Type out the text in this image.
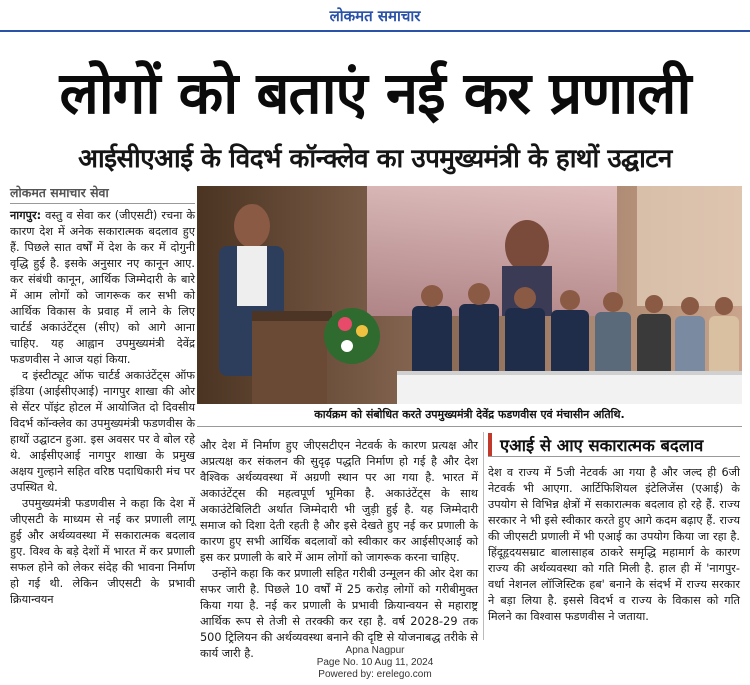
लोकमत समाचार
लोगों को बताएं नई कर प्रणाली
आईसीएआई के विदर्भ कॉन्क्लेव का उपमुख्यमंत्री के हाथों उद्घाटन
लोकमत समाचार सेवा

नागपुर: वस्तु व सेवा कर (जीएसटी) रचना के कारण देश में अनेक सकारात्मक बदलाव हुए हैं. पिछले सात वर्षों में देश के कर में दोगुनी वृद्धि हुई है. इसके अनुसार नए कानून आए. कर संबंधी कानून, आर्थिक जिम्मेदारी के बारे में आम लोगों को जागरूक कर सभी को आर्थिक विकास के प्रवाह में लाने के लिए चार्टर्ड अकाउंटेंट्स (सीए) को आगे आना चाहिए. यह आह्वान उपमुख्यमंत्री देवेंद्र फडणवीस ने आज यहां किया.

द इंस्टीट्यूट ऑफ चार्टर्ड अकाउंटेंट्स ऑफ इंडिया (आईसीएआई) नागपुर शाखा की ओर से सेंटर पॉइंट होटल में आयोजित दो दिवसीय विदर्भ कॉन्क्लेव का उपमुख्यमंत्री फडणवीस के हाथों उद्घाटन हुआ. इस अवसर पर वे बोल रहे थे. आईसीएआई नागपुर शाखा के प्रमुख अक्षय गुल्हाने सहित वरिष्ठ पदाधिकारी मंच पर उपस्थित थे.

उपमुख्यमंत्री फडणवीस ने कहा कि देश में जीएसटी के माध्यम से नई कर प्रणाली लागू हुई और अर्थव्यवस्था में सकारात्मक बदलाव हुए. विश्व के बड़े देशों में भारत में कर प्रणाली सफल होने को लेकर संदेह की भावना निर्माण हो गई थी. लेकिन जीएसटी के प्रभावी क्रियान्वयन

कार्यक्रम को संबोधित करते उपमुख्यमंत्री देवेंद्र फडणवीस एवं मंचासीन अतिथि.

और देश में निर्माण हुए जीएसटीएन नेटवर्क के कारण प्रत्यक्ष और अप्रत्यक्ष कर संकलन की सुदृढ़ पद्धति निर्माण हो गई है और देश वैश्विक अर्थव्यवस्था में अग्रणी स्थान पर आ गया है. भारत में अकाउंटेंट्स की महत्वपूर्ण भूमिका है. अकाउंटेंट्स के साथ अकाउंटेबिलिटी अर्थात जिम्मेदारी भी जुड़ी हुई है. यह जिम्मेदारी समाज को दिशा देती रहती है और इसे देखते हुए नई कर प्रणाली के कारण हुए सभी आर्थिक बदलावों को स्वीकार कर आईसीएआई को इस कर प्रणाली के बारे में आम लोगों को जागरूक करना चाहिए.

उन्होंने कहा कि कर प्रणाली सहित गरीबी उन्मूलन की ओर देश का सफर जारी है. पिछले 10 वर्षों में 25 करोड़ लोगों को गरीबीमुक्त किया गया है. नई कर प्रणाली के प्रभावी क्रियान्वयन से महाराष्ट्र आर्थिक रूप से तेजी से तरक्की कर रहा है. वर्ष 2028-29 तक 500 ट्रिलियन की अर्थव्यवस्था बनाने की दृष्टि से योजनाबद्ध तरीके से कार्य जारी है.

एआई से आए सकारात्मक बदलाव

देश व राज्य में 5जी नेटवर्क आ गया है और जल्द ही 6जी नेटवर्क भी आएगा. आर्टिफिशियल इंटेलिजेंस (एआई) के उपयोग से विभिन्न क्षेत्रों में सकारात्मक बदलाव हो रहे हैं. राज्य सरकार ने भी इसे स्वीकार करते हुए आगे कदम बढ़ाए हैं. राज्य की जीएसटी प्रणाली में भी एआई का उपयोग किया जा रहा है. हिंदूहृदयसम्राट बालासाहब ठाकरे समृद्धि महामार्ग के कारण राज्य की अर्थव्यवस्था को गति मिली है. हाल ही में 'नागपुर-वर्धा नेशनल लॉजिस्टिक हब' बनाने के संदर्भ में राज्य सरकार ने बड़ा लिया है. इससे विदर्भ व राज्य के विकास को गति मिलने का विश्वास फडणवीस ने जताया.

Apna Nagpur
Page No. 10 Aug 11, 2024
Powered by: erelego.com
